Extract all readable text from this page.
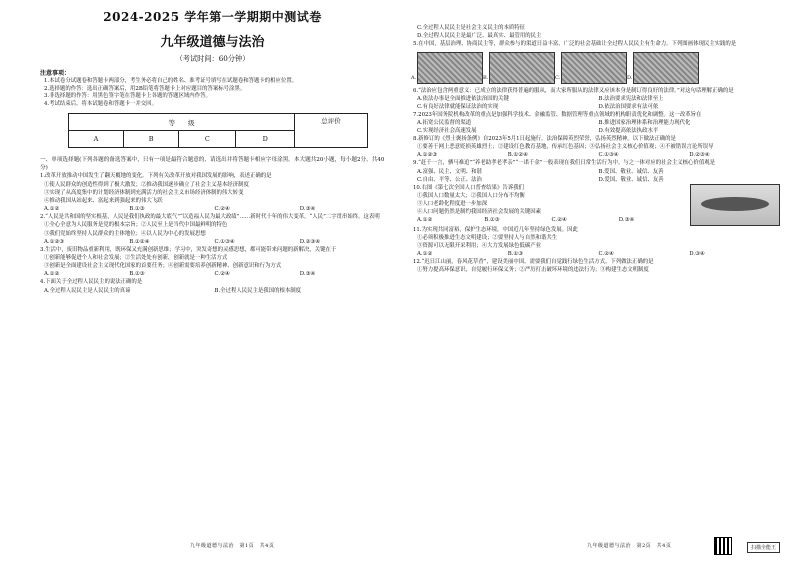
2024-2025 学年第一学期期中测试卷
九年级道德与法治
（考试时间：60分钟）
注意事项：
1.本试卷分试题卷和答题卡两部分，考生务必将自己的姓名、准考证号填写在试题卷和答题卡的相应位置。
2.选择题的作答：选出正确答案后，用2B铅笔将答题卡上对应题目的答案标号涂黑。
3.非选择题的作答：用黑色签字笔在答题卡上各题的答题区域内作答。
4.考试结束后，将本试题卷和答题卡一并交回。
等　　级				总评价
A	B	C	D	
一、单项选择题(下列各题的备选答案中，只有一项是最符合题意的，请选出并将答题卡相应字母涂黑。本大题共20小题，每小题2分，共40分)
1.改革开放推动中国发生了翻天覆地的变化。下列有关改革开放对我国发展的影响，表述正确的是
①使人民群众的创造性得到了极大激发；②推动我国逐步确立了社会主义基本经济制度
③实现了从高度集中的计划经济体制到充满活力的社会主义市场经济体制的伟大转变
④推动我国从站起来、富起来到强起来的伟大飞跃
A.①②	B.①③	C.②④	D.③④
2.“人民是共和国的坚实根基，人民是我们执政的最大底气”“以造福人民为最大政绩”……新时代十年的伟大变革，“人民”二字贯串始终。这表明
①全心全意为人民服务是党的根本宗旨；②人民至上是当代中国最鲜明的特色
③我们党始终坚持人民群众的主体地位；④以人民为中心的发展思想
A.①②③	B.①②④	C.①③④	D.②③④
3.生活中，废旧物品重新利用，既环保又充满创新思维；学习中，突发奇想的灵感思想，都可能带来问题的新解决，关键在于
①创新能够促进个人和社会发展；②生活处处有创新，创新就是一种生活方式
③创新是全面建设社会主义现代化国家的首要任务；④创新需要培养创新精神、创新意识和行为方式
A.①②	B.①③	C.②④	D.③④
4.下面关于全过程人民民主的说法正确的是
A.全过程人民民主是人民民主的真谛	B.全过程人民民主是我国的根本制度
九年级道德与法治　第1页　共4页
C.全过程人民民主是社会主义民主的本质特征
D.全过程人民民主是最广泛、最真实、最管用的民主
5.在中国，基层治理、协商民主等，群众参与的渠道日益丰富，广泛的社会基础让全过程人民民主有生命力。下列图画体现民主实践的是
A.	B.	C.	D.
6.“法治应包含两重意义：已成立的法律获得普遍的服从，而大家所服从的法律又应该本身是制订得良好的法律。”对这句话理解正确的是
A.依法办事是全面推进依法治国的关键	B.法治要求宪法和法律至上
C.有良好法律就能保证法治的实现	D.依法治国要求有法可依
7.2023年国务院机构改革的重点是加强科学技术、金融监管、数据管理等重点领域的机构职责优化和调整。这一改革旨在
A.拓宽公民监督的渠道	B.推进国家治理体系和治理能力现代化
C.实现经济社会高速发展	D.有效提高依法执政水平
8.新修订的《烈士褒扬条例》自2023年5月1日起施行。法治保障英烈荣誉，弘扬英烈精神。以下做法正确的是
①要善于网上恶意贬损英雄烈士；②建设红色教育基地，传承红色基因；③弘扬社会主义核心价值观；④不被错误言论所误导
A.①②③	B.①②④	C.①③④	D.②③④
9.“赶千一言，驷马难追”“养老助孝老孝亲”“一诺千金”一般表现在我们日常生活行为中。与之一体对应的社会主义核心价值观是
A.富强、民主、文明、和谐	B.爱国、敬业、诚信、友善
C.自由、平等、公正、法治	D.爱国、敬业、诚信、友善
10.右图《第七次全国人口普查结果》告诉我们
①我国人口数量太大；②我国人口分布不均衡
③人口老龄化程度进一步加深
④人口问题仍然是制约我国经济社会发展的关键因素
A.①②	B.①③	C.②④	D.③④
11.为实现共同富裕，保护生态环境，中国近几年坚持绿色发展。因此
①必须积极推进生态文明建设；②要坚持人与自然和谐共生
③资源可以无限开采利用；④大力发展绿色低碳产业
A.①②	B.①③	C.②④	D.③④
12.“迟日江山丽，春风花草香”，建设美丽中国，需要我们自觉践行绿色生活方式。下列做法正确的是
①努力提高环保意识，自觉履行环保义务；②严厉打击破坏环境的违法行为；③构建生态文明制度
九年级道德与法治　第2页　共4页	扫描全能王
